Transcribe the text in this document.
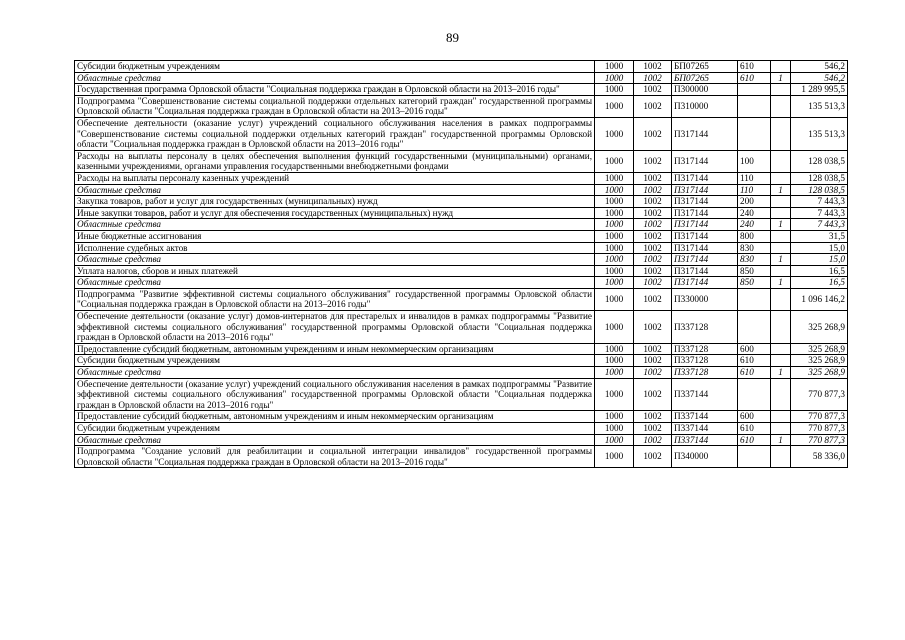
89
Субсидии бюджетным учреждениям	1000	1002	БП07265	610		546,2
Областные средства	1000	1002	БП07265	610	1	546,2
Государственная программа Орловской области "Социальная поддержка граждан в Орловской области на 2013–2016 годы"	1000	1002	П300000			1 289 995,5
Подпрограмма "Совершенствование системы социальной поддержки отдельных категорий граждан" государственной программы Орловской области "Социальная поддержка граждан в Орловской области на 2013–2016 годы"	1000	1002	П310000			135 513,3
Обеспечение деятельности (оказание услуг) учреждений социального обслуживания населения в рамках подпрограммы "Совершенствование системы социальной поддержки отдельных категорий граждан" государственной программы Орловской области "Социальная поддержка граждан в Орловской области на 2013–2016 годы"	1000	1002	П317144			135 513,3
Расходы на выплаты персоналу в целях обеспечения выполнения функций государственными (муниципальными) органами, казенными учреждениями, органами управления государственными внебюджетными фондами	1000	1002	П317144	100		128 038,5
Расходы на выплаты персоналу казенных учреждений	1000	1002	П317144	110		128 038,5
Областные средства	1000	1002	П317144	110	1	128 038,5
Закупка товаров, работ и услуг для государственных (муниципальных) нужд	1000	1002	П317144	200		7 443,3
Иные закупки товаров, работ и услуг для обеспечения государственных (муниципальных) нужд	1000	1002	П317144	240		7 443,3
Областные средства	1000	1002	П317144	240	1	7 443,3
Иные бюджетные ассигнования	1000	1002	П317144	800		31,5
Исполнение судебных актов	1000	1002	П317144	830		15,0
Областные средства	1000	1002	П317144	830	1	15,0
Уплата налогов, сборов и иных платежей	1000	1002	П317144	850		16,5
Областные средства	1000	1002	П317144	850	1	16,5
Подпрограмма "Развитие эффективной системы социального обслуживания" государственной программы Орловской области "Социальная поддержка граждан в Орловской области на 2013–2016 годы"	1000	1002	П330000			1 096 146,2
Обеспечение деятельности (оказание услуг) домов-интернатов для престарелых и инвалидов в рамках подпрограммы "Развитие эффективной системы социального обслуживания" государственной программы Орловской области "Социальная поддержка граждан в Орловской области на 2013–2016 годы"	1000	1002	П337128			325 268,9
Предоставление субсидий бюджетным, автономным учреждениям и иным некоммерческим организациям	1000	1002	П337128	600		325 268,9
Субсидии бюджетным учреждениям	1000	1002	П337128	610		325 268,9
Областные средства	1000	1002	П337128	610	1	325 268,9
Обеспечение деятельности (оказание услуг) учреждений социального обслуживания населения в рамках подпрограммы "Развитие эффективной системы социального обслуживания" государственной программы Орловской области "Социальная поддержка граждан в Орловской области на 2013–2016 годы"	1000	1002	П337144			770 877,3
Предоставление субсидий бюджетным, автономным учреждениям и иным некоммерческим организациям	1000	1002	П337144	600		770 877,3
Субсидии бюджетным учреждениям	1000	1002	П337144	610		770 877,3
Областные средства	1000	1002	П337144	610	1	770 877,3
Подпрограмма "Создание условий для реабилитации и социальной интеграции инвалидов" государственной программы Орловской области "Социальная поддержка граждан в Орловской области на 2013–2016 годы"	1000	1002	П340000			58 336,0
